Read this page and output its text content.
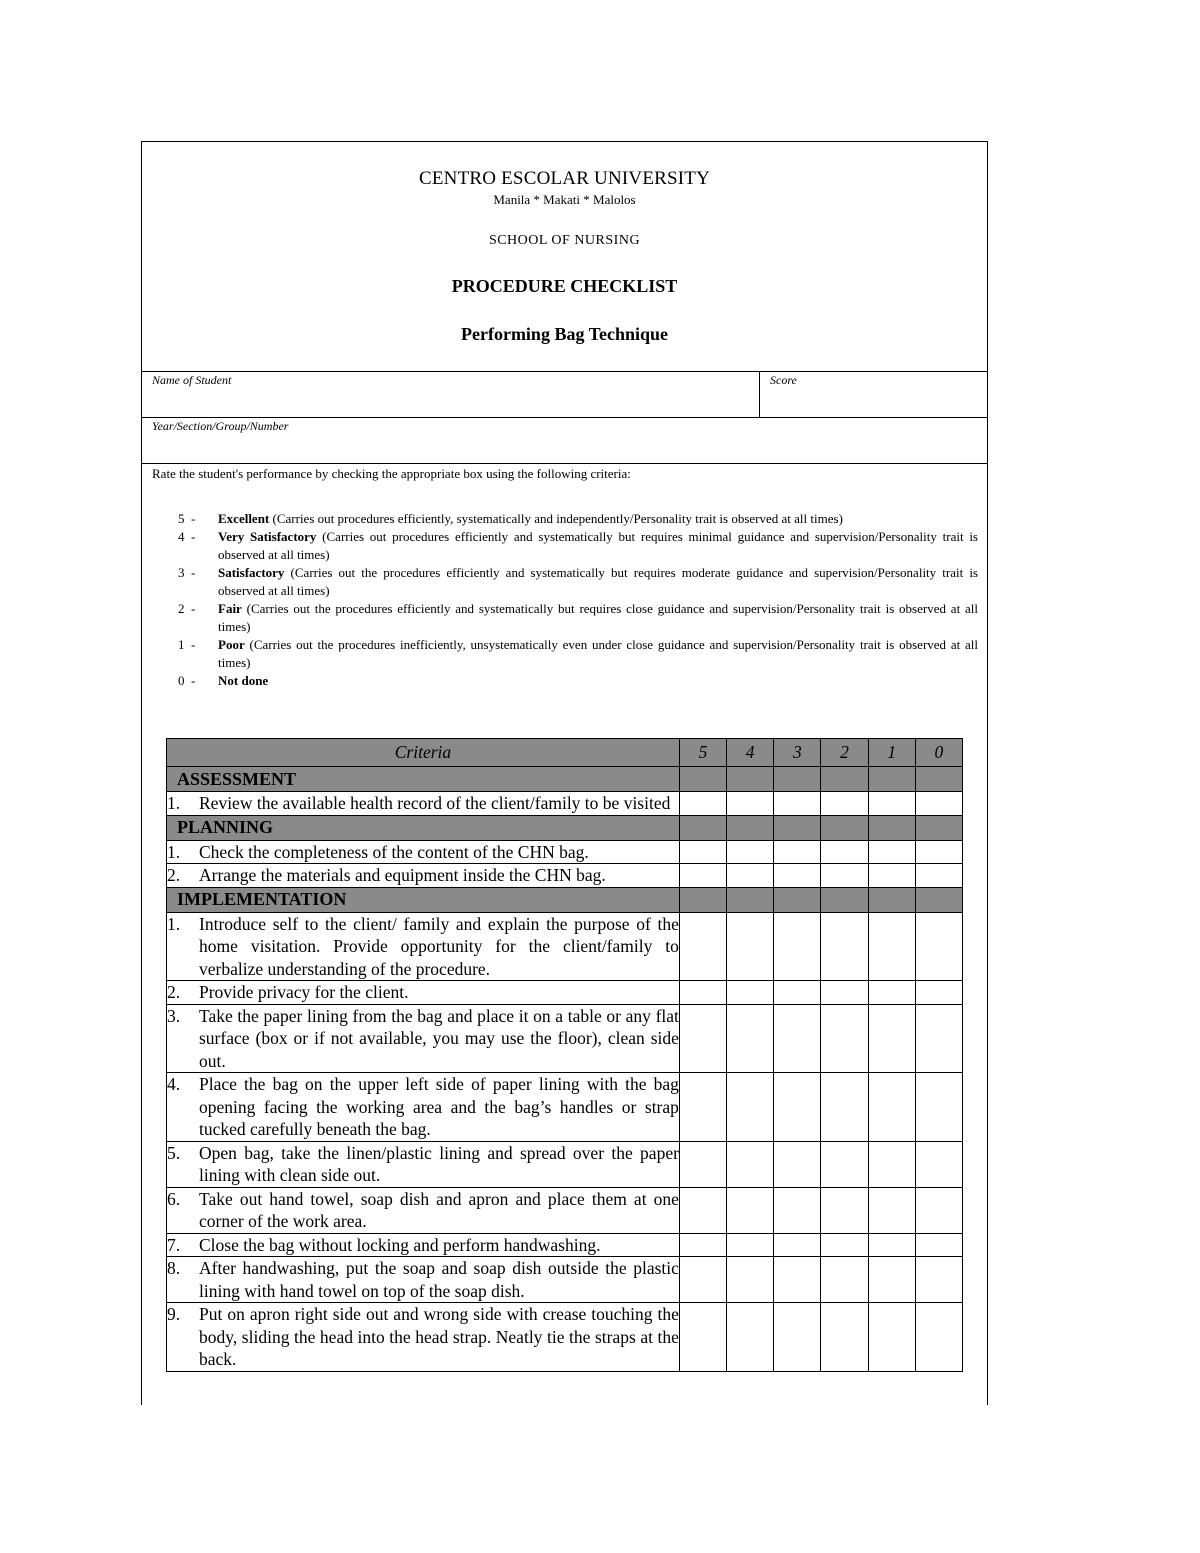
CENTRO ESCOLAR UNIVERSITY
Manila * Makati * Malolos
SCHOOL OF NURSING
PROCEDURE CHECKLIST
Performing Bag Technique
Name of Student	Score
Year/Section/Group/Number
Rate the student's performance by checking the appropriate box using the following criteria:
5  -	Excellent (Carries out procedures efficiently, systematically and independently/Personality trait is observed at all times)
4  -	Very Satisfactory (Carries out procedures efficiently and systematically but requires minimal guidance and supervision/Personality trait is observed at all times)
3  -	Satisfactory (Carries out the procedures efficiently and systematically but requires moderate guidance and supervision/Personality trait is observed at all times)
2  -	Fair (Carries out the procedures efficiently and systematically but requires close guidance and supervision/Personality trait is observed at all times)
1  -	Poor (Carries out the procedures inefficiently, unsystematically even under close guidance and supervision/Personality trait is observed at all times)
0  -	Not done
Criteria	5	4	3	2	1	0
ASSESSMENT						

1. Review the available health record of the client/family to be visited						

PLANNING						

1. Check the completeness of the content of the CHN bag.						

2. Arrange the materials and equipment inside the CHN bag.						

IMPLEMENTATION						

1. Introduce self to the client/ family and explain the purpose of the home visitation. Provide opportunity for the client/family to verbalize understanding of the procedure.						

2. Provide privacy for the client.						

3. Take the paper lining from the bag and place it on a table or any flat surface (box or if not available, you may use the floor), clean side out.						

4. Place the bag on the upper left side of paper lining with the bag opening facing the working area and the bag’s handles or strap tucked carefully beneath the bag.						

5. Open bag, take the linen/plastic lining and spread over the paper lining with clean side out.						

6. Take out hand towel, soap dish and apron and place them at one corner of the work area.						

7. Close the bag without locking and perform handwashing.						

8. After handwashing, put the soap and soap dish outside the plastic lining with hand towel on top of the soap dish.						

9. Put on apron right side out and wrong side with crease touching the body, sliding the head into the head strap. Neatly tie the straps at the back.						
